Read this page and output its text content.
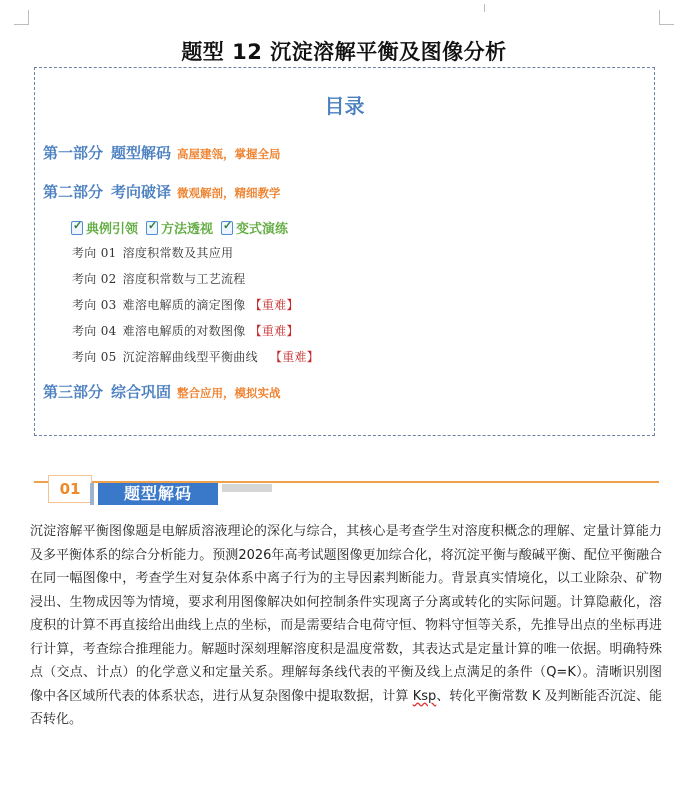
题型 12 沉淀溶解平衡及图像分析
目录
第一部分 题型解码 高屋建瓴，掌握全局
第二部分 考向破译 微观解剖，精细教学
✓
典例引领 ✓ 方法透视 ✓ 变式演练
考向 01 溶度积常数及其应用
考向 02 溶度积常数与工艺流程
考向 03 难溶电解质的滴定图像 【重难】
考向 04 难溶电解质的对数图像 【重难】
考向 05 沉淀溶解曲线型平衡曲线 【重难】
第三部分 综合巩固 整合应用，模拟实战
01	题型解码
沉淀溶解平衡图像题是电解质溶液理论的深化与综合，其核心是考查学生对溶度积概念的理解、定量计算能力及多平衡体系的综合分析能力。预测2026年高考试题图像更加综合化，将沉淀平衡与酸碱平衡、配位平衡融合在同一幅图像中，考查学生对复杂体系中离子行为的主导因素判断能力。背景真实情境化，以工业除杂、矿物浸出、生物成因等为情境，要求利用图像解决如何控制条件实现离子分离或转化的实际问题。计算隐蔽化，溶度积的计算不再直接给出曲线上点的坐标，而是需要结合电荷守恒、物料守恒等关系，先推导出点的坐标再进行计算，考查综合推理能力。解题时深刻理解溶度积是温度常数，其表达式是定量计算的唯一依据。明确特殊点（交点、计点）的化学意义和定量关系。理解每条线代表的平衡及线上点满足的条件（Q=K）。清晰识别图像中各区域所代表的体系状态，进行从复杂图像中提取数据，计算 Ksp、转化平衡常数 K 及判断能否沉淀、能否转化。
